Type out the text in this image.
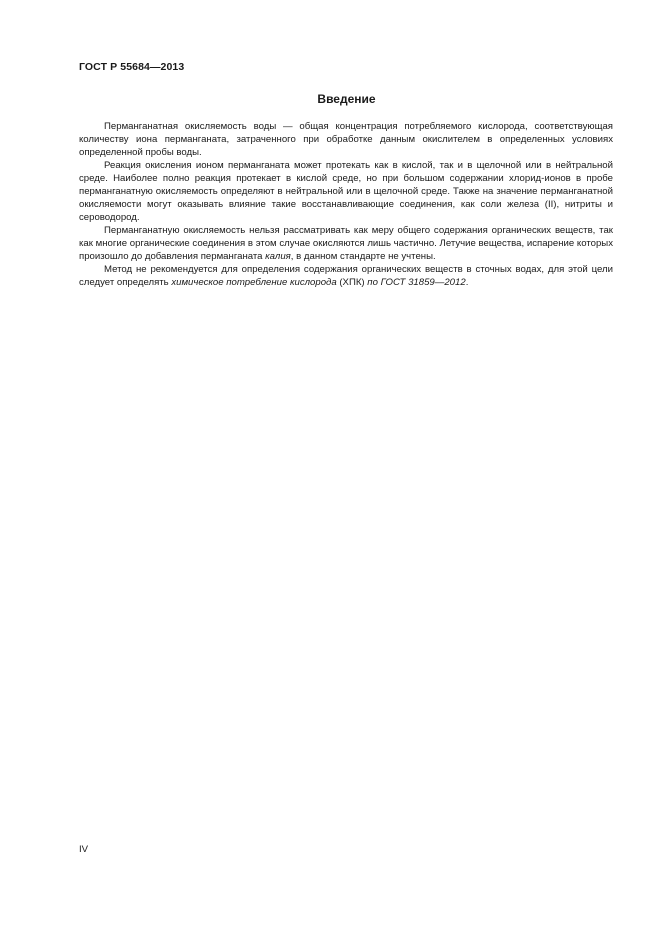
ГОСТ Р 55684—2013
Введение

Перманганатная окисляемость воды — общая концентрация потребляемого кислорода, соответствующая количеству иона перманганата, затраченного при обработке данным окислителем в определенных условиях определенной пробы воды.

Реакция окисления ионом перманганата может протекать как в кислой, так и в щелочной или в нейтральной среде. Наиболее полно реакция протекает в кислой среде, но при большом содержании хлорид-ионов в пробе перманганатную окисляемость определяют в нейтральной или в щелочной среде. Также на значение перманганатной окисляемости могут оказывать влияние такие восстанавливающие соединения, как соли железа (II), нитриты и сероводород.

Перманганатную окисляемость нельзя рассматривать как меру общего содержания органических веществ, так как многие органические соединения в этом случае окисляются лишь частично. Летучие вещества, испарение которых произошло до добавления перманганата калия, в данном стандарте не учтены.

Метод не рекомендуется для определения содержания органических веществ в сточных водах, для этой цели следует определять химическое потребление кислорода (ХПК) по ГОСТ 31859—2012.

IV
